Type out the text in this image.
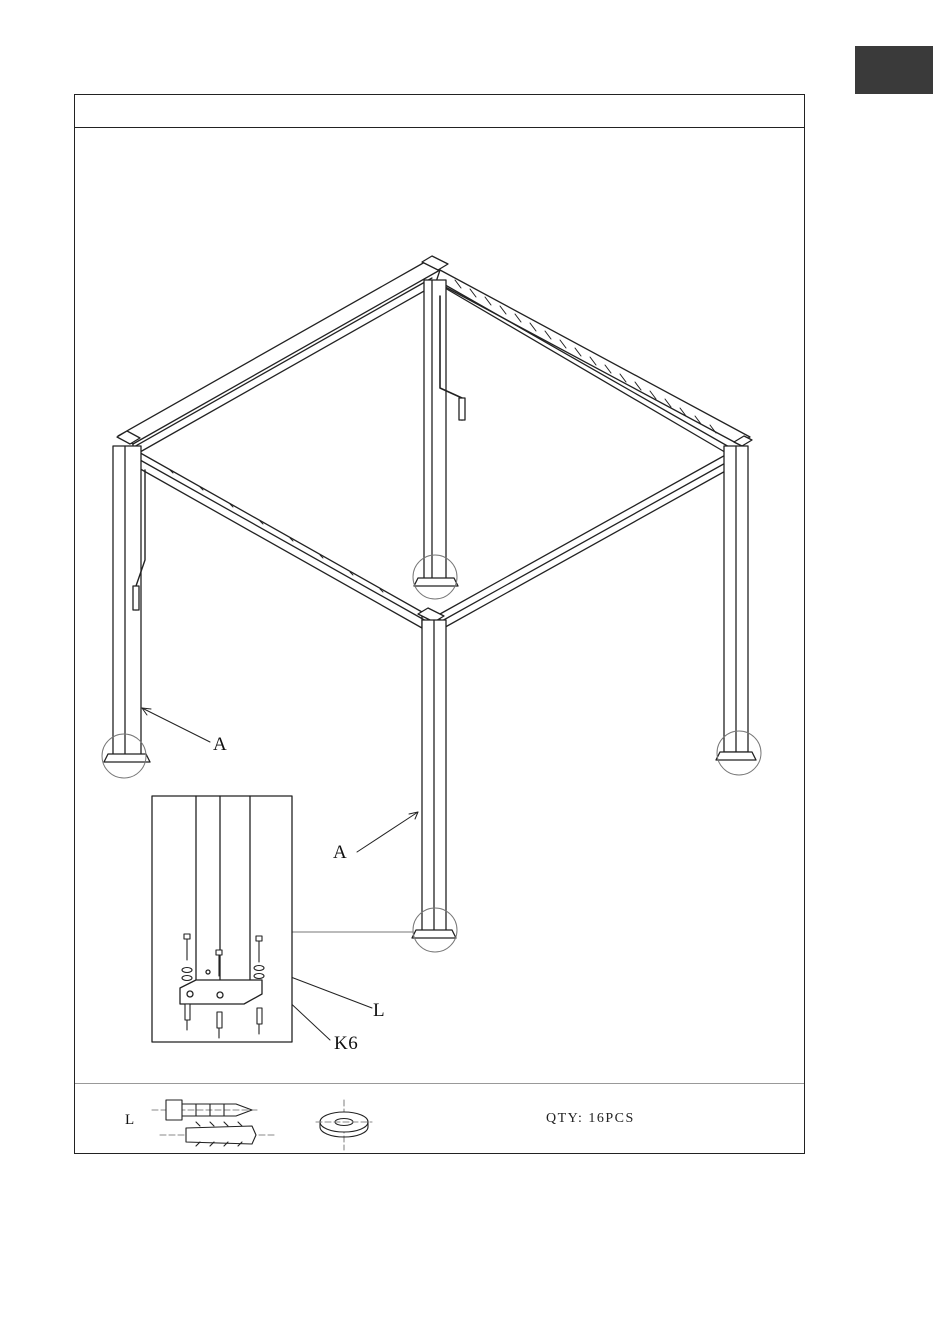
A
A
L
K6
L	QTY: 16PCS
